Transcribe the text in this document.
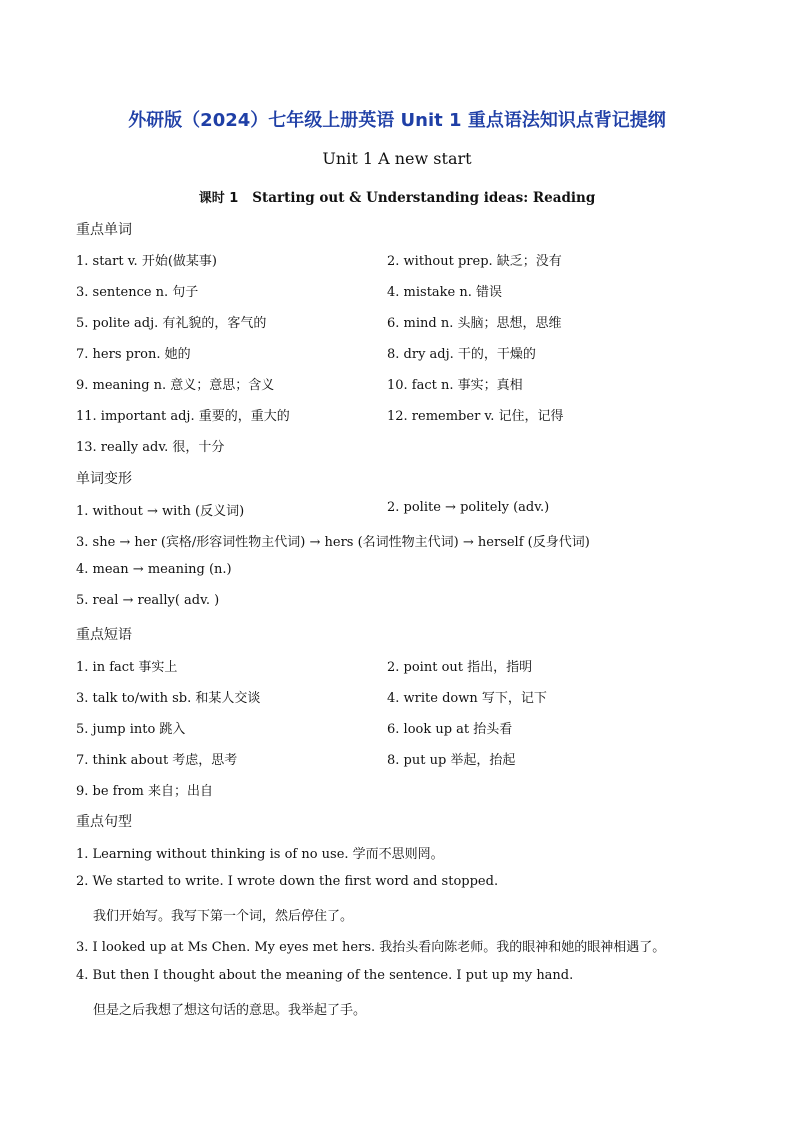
外研版（2024）七年级上册英语 Unit 1 重点语法知识点背记提纲
Unit 1 A new start
课时 1 Starting out & Understanding ideas: Reading
重点单词
1. start v. 开始(做某事)	2. without prep. 缺乏；没有
3. sentence n. 句子	4. mistake n. 错误
5. polite adj. 有礼貌的，客气的	6. mind n. 头脑；思想，思维
7. hers pron. 她的	8. dry adj. 干的，干燥的
9. meaning n. 意义；意思；含义	10. fact n. 事实；真相
11. important adj. 重要的，重大的	12. remember v. 记住，记得
13. really adv. 很，十分
单词变形
1. without → with (反义词)	2. polite → politely (adv.)
3. she → her (宾格/形容词性物主代词) → hers (名词性物主代词) → herself (反身代词)
4. mean → meaning (n.)
5. real → really( adv. )
重点短语
1. in fact 事实上	2. point out 指出，指明
3. talk to/with sb. 和某人交谈	4. write down 写下，记下
5. jump into 跳入	6. look up at 抬头看
7. think about 考虑，思考	8. put up 举起，抬起
9. be from 来自；出自
重点句型
1. Learning without thinking is of no use. 学而不思则罔。
2. We started to write. I wrote down the first word and stopped.
我们开始写。我写下第一个词，然后停住了。
3. I looked up at Ms Chen. My eyes met hers. 我抬头看向陈老师。我的眼神和她的眼神相遇了。
4. But then I thought about the meaning of the sentence. I put up my hand.
但是之后我想了想这句话的意思。我举起了手。
